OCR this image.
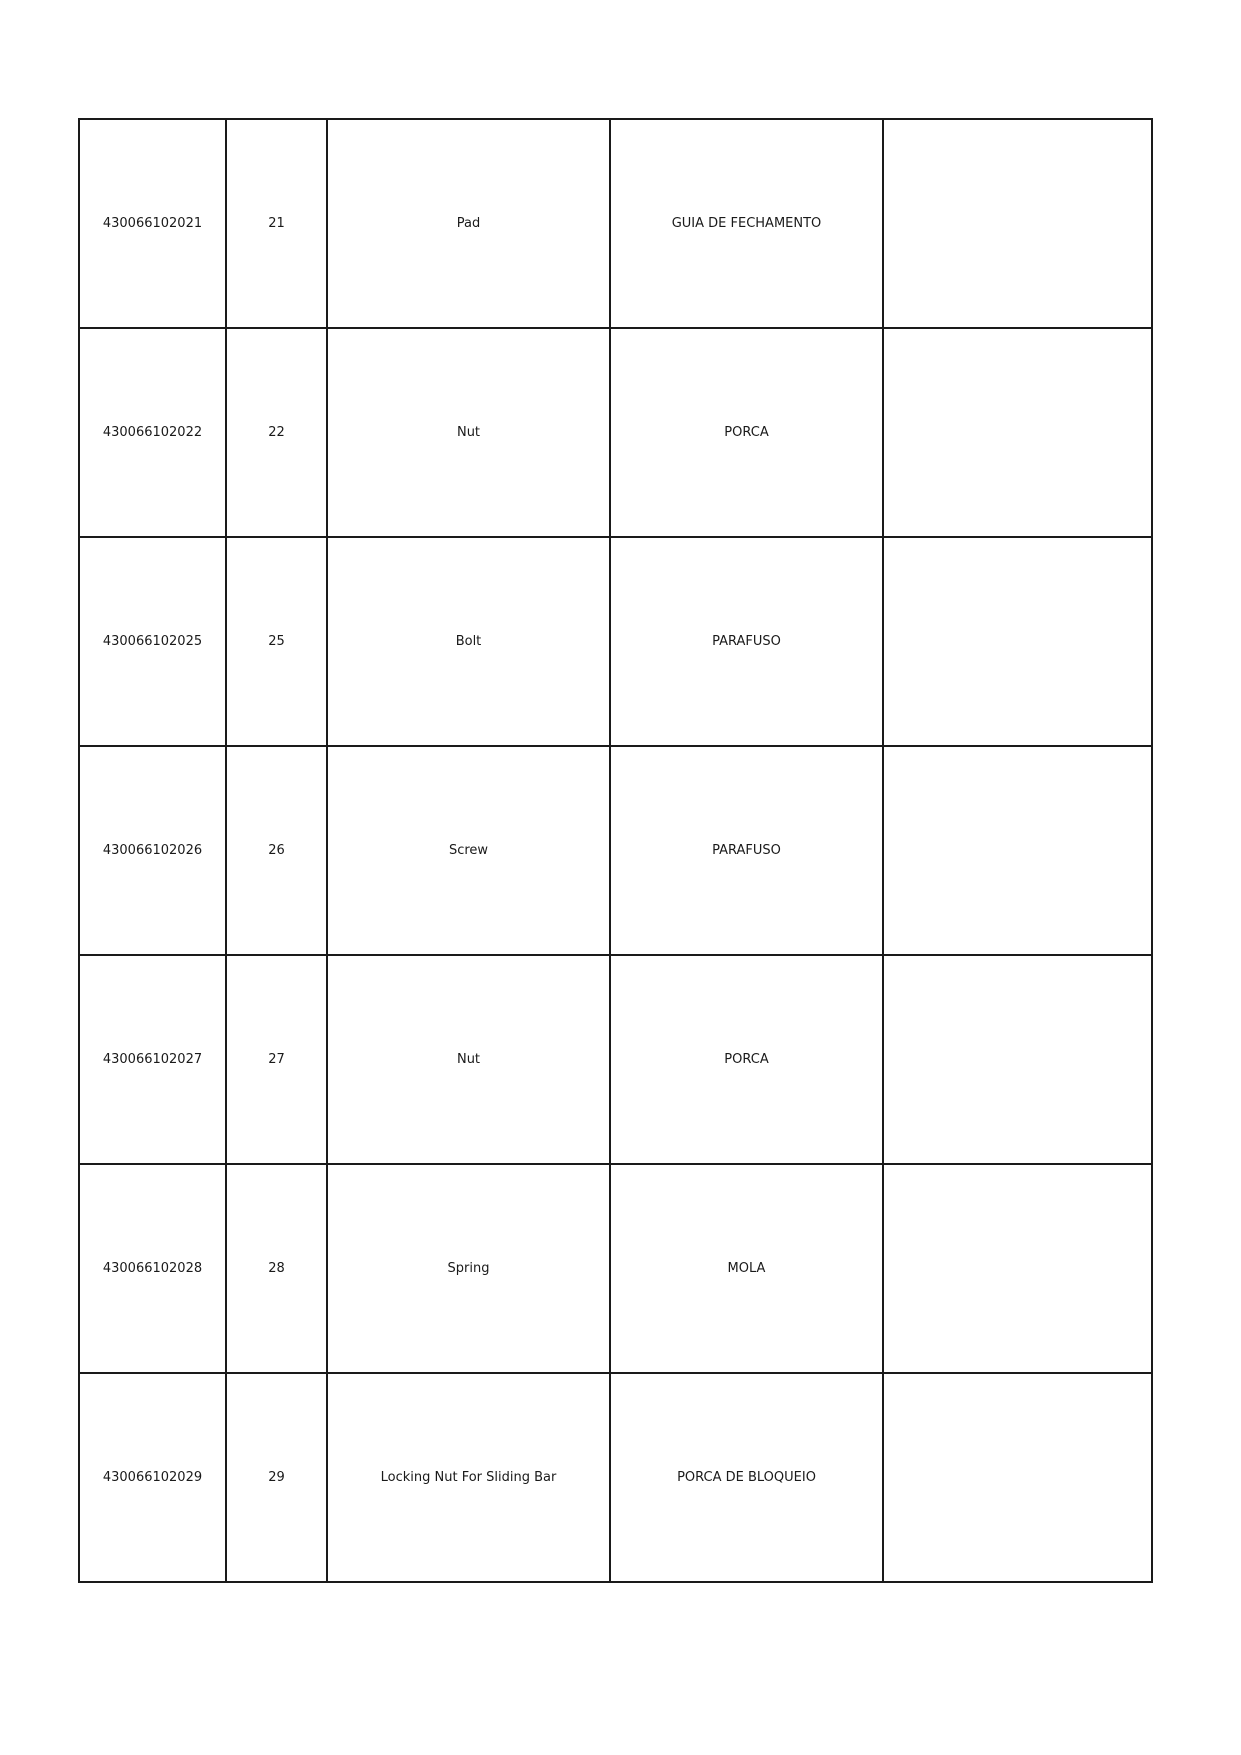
430066102021	21	Pad	GUIA DE FECHAMENTO	
430066102022	22	Nut	PORCA	
430066102025	25	Bolt	PARAFUSO	
430066102026	26	Screw	PARAFUSO	
430066102027	27	Nut	PORCA	
430066102028	28	Spring	MOLA	
430066102029	29	Locking Nut For Sliding Bar	PORCA DE BLOQUEIO	
